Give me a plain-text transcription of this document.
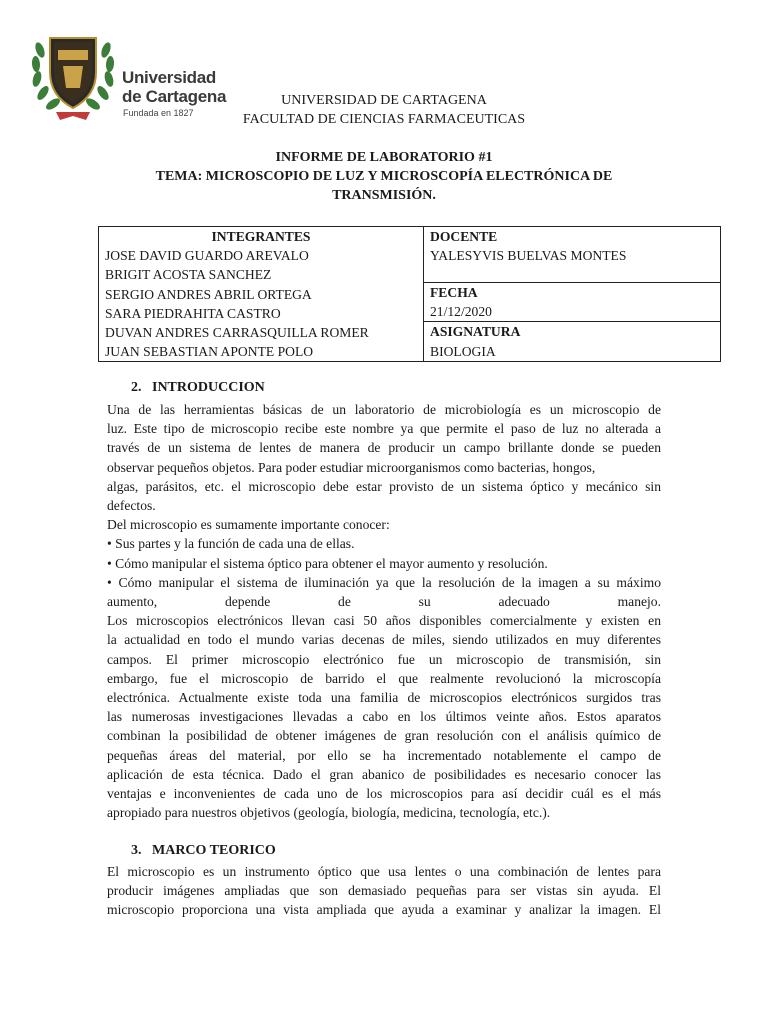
Universidad
de Cartagena
Fundada en 1827
UNIVERSIDAD DE CARTAGENA
FACULTAD DE CIENCIAS FARMACEUTICAS
INFORME DE LABORATORIO #1
TEMA: MICROSCOPIO DE LUZ Y MICROSCOPÍA ELECTRÓNICA DE
TRANSMISIÓN.
INTEGRANTES
JOSE DAVID GUARDO AREVALO
BRIGIT ACOSTA SANCHEZ
SERGIO ANDRES ABRIL ORTEGA
SARA PIEDRAHITA CASTRO
DUVAN ANDRES CARRASQUILLA ROMER
JUAN SEBASTIAN APONTE POLO

DOCENTE
YALESYVIS BUELVAS MONTES

FECHA
21/12/2020

ASIGNATURA
BIOLOGIA
2. INTRODUCCION
Una de las herramientas básicas de un laboratorio de microbiología es un microscopio de
luz. Este tipo de microscopio recibe este nombre ya que permite el paso de luz no alterada a
través de un sistema de lentes de manera de producir un campo brillante donde se pueden
observar pequeños objetos. Para poder estudiar microorganismos como bacterias, hongos,
algas, parásitos, etc. el microscopio debe estar provisto de un sistema óptico y mecánico sin
defectos.
Del microscopio es sumamente importante conocer:
• Sus partes y la función de cada una de ellas.
• Cómo manipular el sistema óptico para obtener el mayor aumento y resolución.
• Cómo manipular el sistema de iluminación ya que la resolución de la imagen a su máximo
aumento, depende de su adecuado manejo.
Los microscopios electrónicos llevan casi 50 años disponibles comercialmente y existen en
la actualidad en todo el mundo varias decenas de miles, siendo utilizados en muy diferentes
campos. El primer microscopio electrónico fue un microscopio de transmisión, sin
embargo, fue el microscopio de barrido el que realmente revolucionó la microscopía
electrónica. Actualmente existe toda una familia de microscopios electrónicos surgidos tras
las numerosas investigaciones llevadas a cabo en los últimos veinte años. Estos aparatos
combinan la posibilidad de obtener imágenes de gran resolución con el análisis químico de
pequeñas áreas del material, por ello se ha incrementado notablemente el campo de
aplicación de esta técnica. Dado el gran abanico de posibilidades es necesario conocer las
ventajas e inconvenientes de cada uno de los microscopios para así decidir cuál es el más
apropiado para nuestros objetivos (geología, biología, medicina, tecnología, etc.).
3. MARCO TEORICO
El microscopio es un instrumento óptico que usa lentes o una combinación de lentes para
producir imágenes ampliadas que son demasiado pequeñas para ser vistas sin ayuda. El
microscopio proporciona una vista ampliada que ayuda a examinar y analizar la imagen. El
